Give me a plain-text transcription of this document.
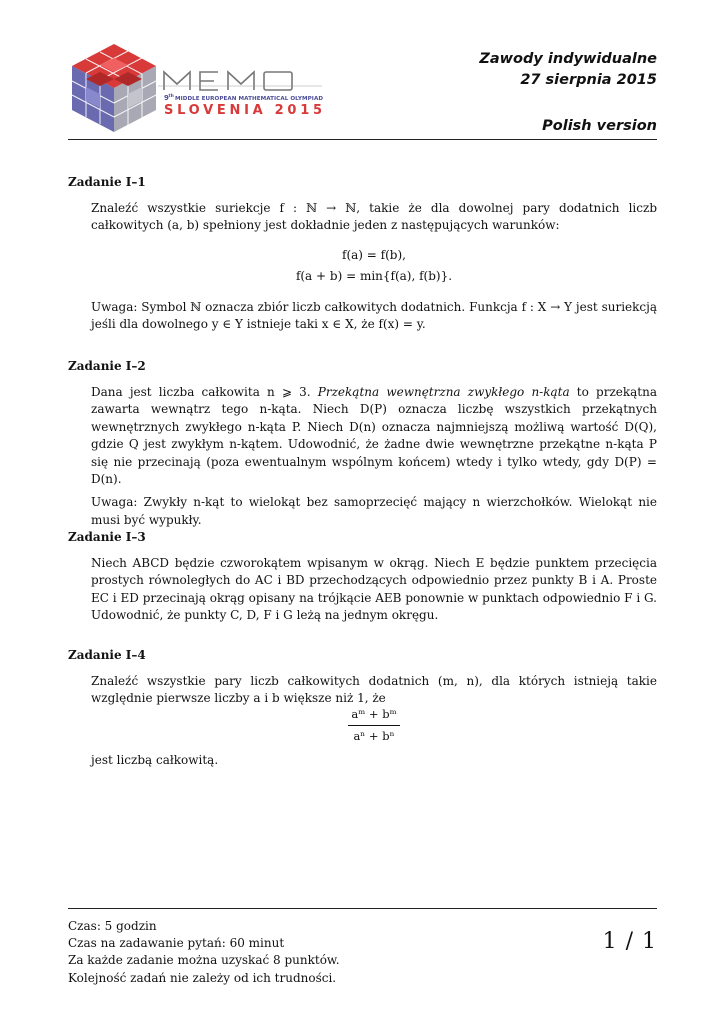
9 th MIDDLE EUROPEAN MATHEMATICAL OLYMPIAD
SLOVENIA 2015
Zawody indywidualne
27 sierpnia 2015
Polish version
Zadanie I–1

Znaleźć wszystkie suriekcje f : ℕ → ℕ, takie że dla dowolnej pary dodatnich liczb całkowitych (a, b) spełniony jest dokładnie jeden z następujących warunków:

f(a) = f(b),
f(a + b) = min{f(a), f(b)}.

Uwaga: Symbol ℕ oznacza zbiór liczb całkowitych dodatnich. Funkcja f : X → Y jest suriekcją jeśli dla dowolnego y ∈ Y istnieje taki x ∈ X, że f(x) = y.

Zadanie I–2

Dana jest liczba całkowita n ⩾ 3. Przekątna wewnętrzna zwykłego n-kąta to przekątna zawarta wewnątrz tego n-kąta. Niech D(P) oznacza liczbę wszystkich przekątnych wewnętrznych zwykłego n-kąta P. Niech D(n) oznacza najmniejszą możliwą wartość D(Q), gdzie Q jest zwykłym n-kątem. Udowodnić, że żadne dwie wewnętrzne przekątne n-kąta P się nie przecinają (poza ewentualnym wspólnym końcem) wtedy i tylko wtedy, gdy D(P) = D(n).

Uwaga: Zwykły n-kąt to wielokąt bez samoprzecięć mający n wierzchołków. Wielokąt nie musi być wypukły.

Zadanie I–3

Niech ABCD będzie czworokątem wpisanym w okrąg. Niech E będzie punktem przecięcia prostych równoległych do AC i BD przechodzących odpowiednio przez punkty B i A. Proste EC i ED przecinają okrąg opisany na trójkącie AEB ponownie w punktach odpowiednio F i G. Udowodnić, że punkty C, D, F i G leżą na jednym okręgu.

Zadanie I–4

Znaleźć wszystkie pary liczb całkowitych dodatnich (m, n), dla których istnieją takie względnie pierwsze liczby a i b większe niż 1, że

$\frac{\text{aᵐ + bᵐ}}{\text{aⁿ + bⁿ}}$

jest liczbą całkowitą.

Czas: 5 godzin
Czas na zadawanie pytań: 60 minut
Za każde zadanie można uzyskać 8 punktów.
Kolejność zadań nie zależy od ich trudności.
1 / 1
